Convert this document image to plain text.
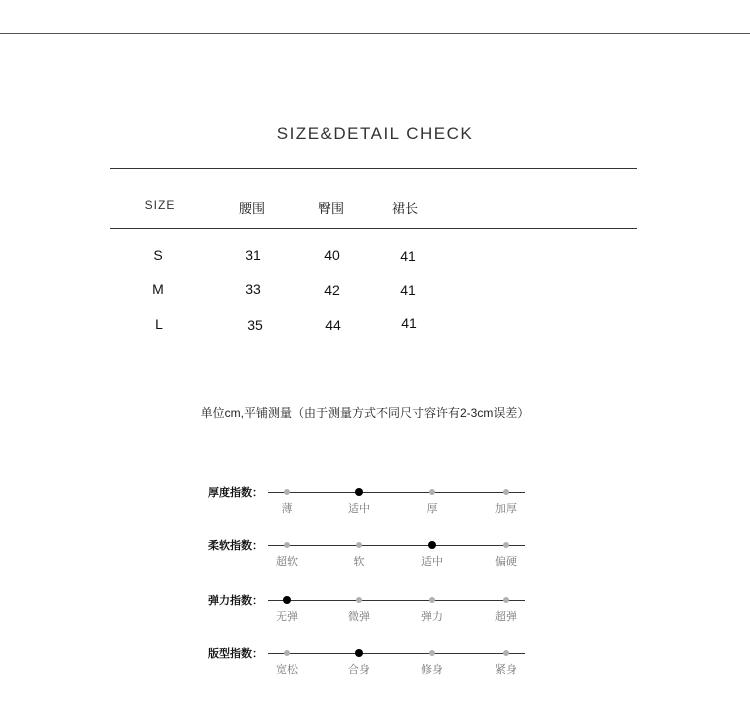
SIZE&DETAIL CHECK
SIZE	腰围	臀围	裙长
S	31	40	41
M	33	42	41
L	35	44	41
单位cm,平铺测量（由于测量方式不同尺寸容许有2-3cm误差）
厚度指数：
薄	适中	厚	加厚
柔软指数：
超软	软	适中	偏硬
弹力指数：
无弹	微弹	弹力	超弹
版型指数：
宽松	合身	修身	紧身
